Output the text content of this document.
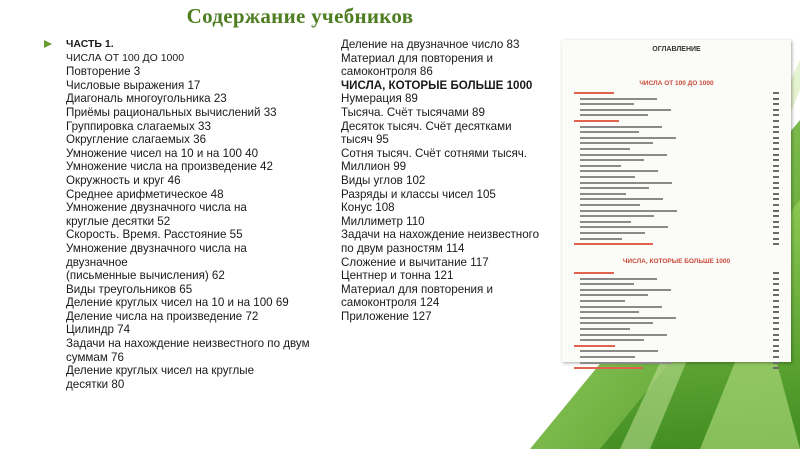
Содержание учебников
ЧАСТЬ 1.
ЧИСЛА ОТ 100 ДО 1000
Повторение 3
Числовые выражения 17
Диагональ многоугольника 23
Приёмы рациональных вычислений 33
Группировка слагаемых 33
Округление слагаемых 36
Умножение чисел на 10 и на 100 40
Умножение числа на произведение 42
Окружность и круг 46
Среднее арифметическое 48
Умножение двузначного числа на круглые десятки 52
Скорость. Время. Расстояние 55
Умножение двузначного числа на двузначное
(письменные вычисления) 62
Виды треугольников 65
Деление круглых чисел на 10 и на 100 69
Деление числа на произведение 72
Цилиндр 74
Задачи на нахождение неизвестного по двум суммам 76
Деление круглых чисел на круглые десятки 80
Деление на двузначное число 83
Материал для повторения и самоконтроля 86
ЧИСЛА, КОТОРЫЕ БОЛЬШЕ 1000
Нумерация 89
Тысяча. Счёт тысячами 89
Десяток тысяч. Счёт десятками тысяч 95
Сотня тысяч. Счёт сотнями тысяч. Миллион 99
Виды углов 102
Разряды и классы чисел 105
Конус 108
Миллиметр 110
Задачи на нахождение неизвестного по двум разностям 114
Сложение и вычитание 117
Центнер и тонна 121
Материал для повторения и самоконтроля 124
Приложение 127
ОГЛАВЛЕНИЕ
ЧИСЛА ОТ 100 ДО 1000
ЧИСЛА, КОТОРЫЕ БОЛЬШЕ 1000
